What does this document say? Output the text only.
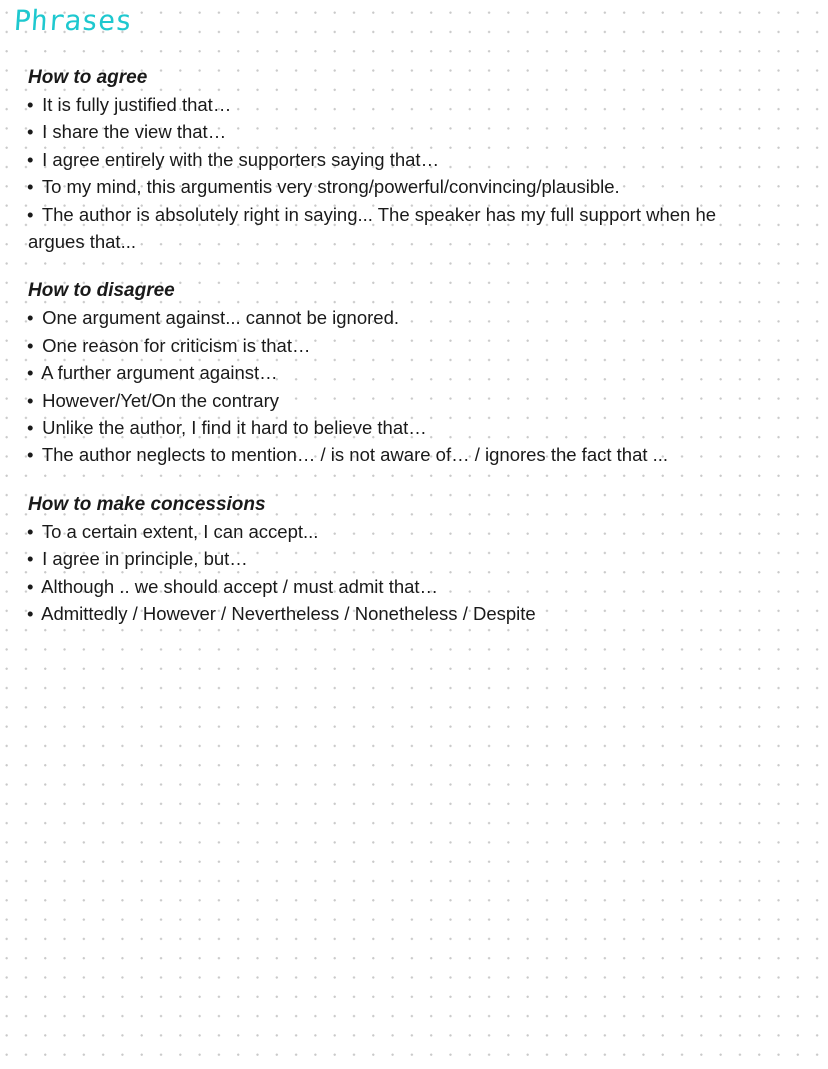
Phrases
How to agree
• It is fully justified that…
• I share the view that…
• I agree entirely with the supporters saying that…
• To my mind, this argumentis very strong/powerful/convincing/plausible.
• The author is absolutely right in saying... The speaker has my full support when he argues that...
How to disagree
• One argument against... cannot be ignored.
• One reason for criticism is that…
• A further argument against…
• However/Yet/On the contrary
• Unlike the author, I find it hard to believe that…
• The author neglects to mention… / is not aware of… / ignores the fact that ...
How to make concessions
• To a certain extent, I can accept...
• I agree in principle, but…
• Although .. we should accept / must admit that…
• Admittedly / However / Nevertheless / Nonetheless / Despite
